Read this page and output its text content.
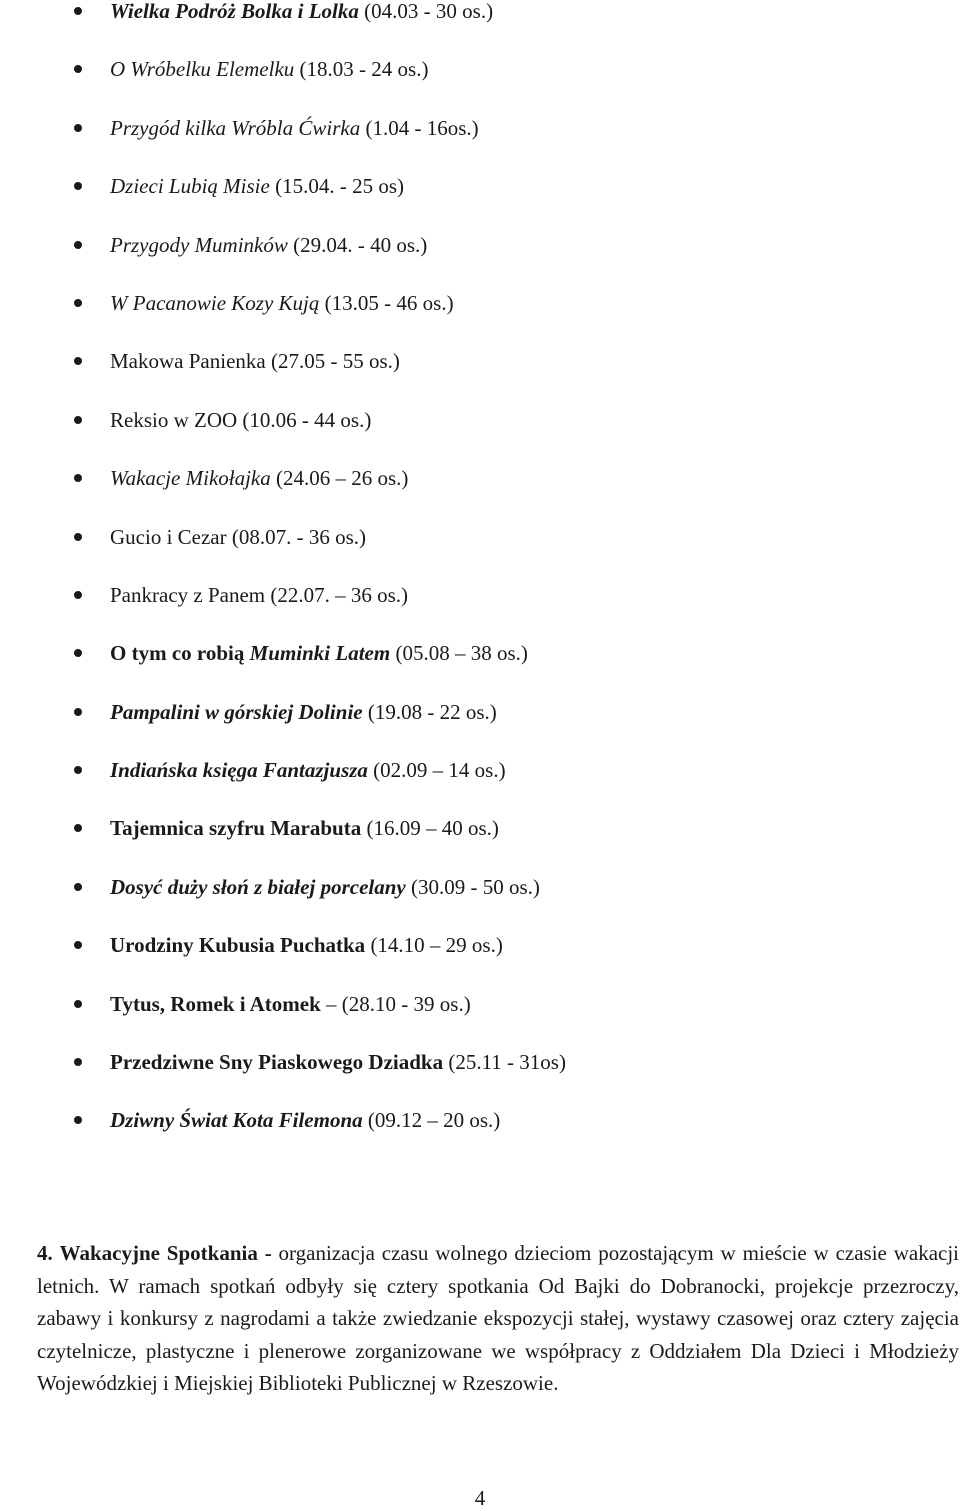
Wielka Podróż Bolka i Lolka (04.03 - 30 os.)
O Wróbelku Elemelku (18.03 - 24 os.)
Przygód kilka Wróbla Ćwirka (1.04 - 16os.)
Dzieci Lubią Misie (15.04. - 25 os)
Przygody Muminków (29.04. - 40 os.)
W Pacanowie Kozy Kują (13.05 - 46 os.)
Makowa Panienka (27.05 - 55 os.)
Reksio w ZOO (10.06 - 44 os.)
Wakacje Mikołajka (24.06 – 26 os.)
Gucio i Cezar (08.07. - 36 os.)
Pankracy z Panem (22.07. – 36 os.)
O tym co robią Muminki Latem (05.08 – 38 os.)
Pampalini w górskiej Dolinie (19.08 - 22 os.)
Indiańska księga Fantazjusza (02.09 – 14 os.)
Tajemnica szyfru Marabuta (16.09 – 40 os.)
Dosyć duży słoń z białej porcelany (30.09 - 50 os.)
Urodziny Kubusia Puchatka (14.10 – 29 os.)
Tytus, Romek i Atomek – (28.10 - 39 os.)
Przedziwne Sny Piaskowego Dziadka (25.11 - 31os)
Dziwny Świat Kota Filemona (09.12 – 20 os.)

4. Wakacyjne Spotkania - organizacja czasu wolnego dzieciom pozostającym w mieście w czasie wakacji letnich. W ramach spotkań odbyły się cztery spotkania Od Bajki do Dobranocki, projekcje przezroczy, zabawy i konkursy z nagrodami a także zwiedzanie ekspozycji stałej, wystawy czasowej oraz cztery zajęcia czytelnicze, plastyczne i plenerowe zorganizowane we współpracy z Oddziałem Dla Dzieci i Młodzieży Wojewódzkiej i Miejskiej Biblioteki Publicznej w Rzeszowie.

4
